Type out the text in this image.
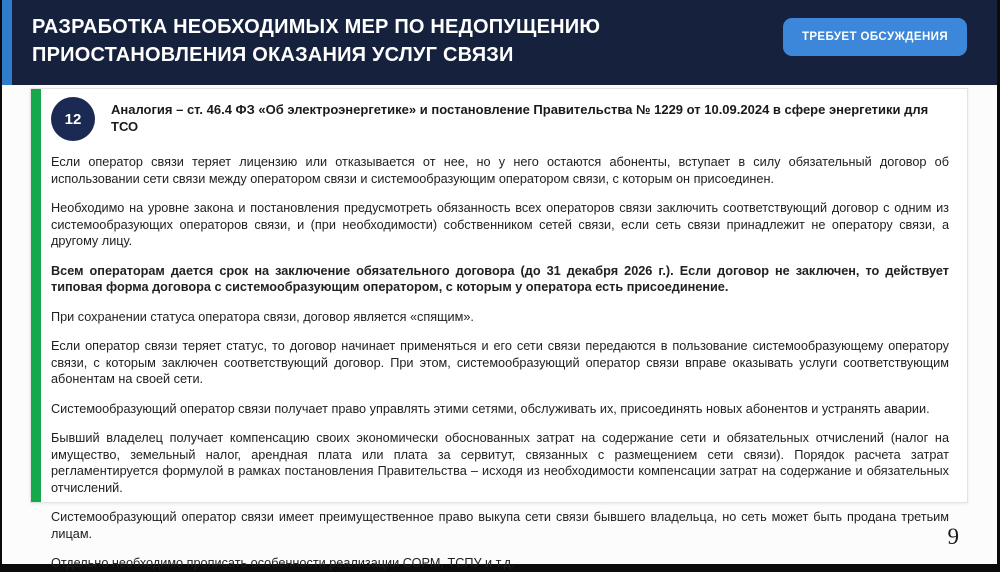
РАЗРАБОТКА НЕОБХОДИМЫХ МЕР ПО НЕДОПУЩЕНИЮ ПРИОСТАНОВЛЕНИЯ ОКАЗАНИЯ УСЛУГ СВЯЗИ
ТРЕБУЕТ ОБСУЖДЕНИЯ
12
Аналогия – ст. 46.4 ФЗ «Об электроэнергетике» и постановление Правительства № 1229 от 10.09.2024 в сфере энергетики для ТСО

Если оператор связи теряет лицензию или отказывается от нее, но у него остаются абоненты, вступает в силу обязательный договор об использовании сети связи между оператором связи и системообразующим оператором связи, с которым он присоединен.

Необходимо на уровне закона и постановления предусмотреть обязанность всех операторов связи заключить соответствующий договор с одним из системообразующих операторов связи, и (при необходимости) собственником сетей связи, если сеть связи принадлежит не оператору связи, а другому лицу.

Всем операторам дается срок на заключение обязательного договора (до 31 декабря 2026 г.). Если договор не заключен, то действует типовая форма договора с системообразующим оператором, с которым у оператора есть присоединение.

При сохранении статуса оператора связи, договор является «спящим».

Если оператор связи теряет статус, то договор начинает применяться и его сети связи передаются в пользование системообразующему оператору связи, с которым заключен соответствующий договор. При этом, системообразующий оператор связи вправе оказывать услуги соответствующим абонентам на своей сети.

Системообразующий оператор связи получает право управлять этими сетями, обслуживать их, присоединять новых абонентов и устранять аварии.

Бывший владелец получает компенсацию своих экономически обоснованных затрат на содержание сети и обязательных отчислений (налог на имущество, земельный налог, арендная плата или плата за сервитут, связанных с размещением сети связи). Порядок расчета затрат регламентируется формулой в рамках постановления Правительства – исходя из необходимости компенсации затрат на содержание и обязательных отчислений.

Системообразующий оператор связи имеет преимущественное право выкупа сети связи бывшего владельца, но сеть может быть продана третьим лицам.

Отдельно необходимо прописать особенности реализации СОРМ, ТСПУ и т.д.

9
